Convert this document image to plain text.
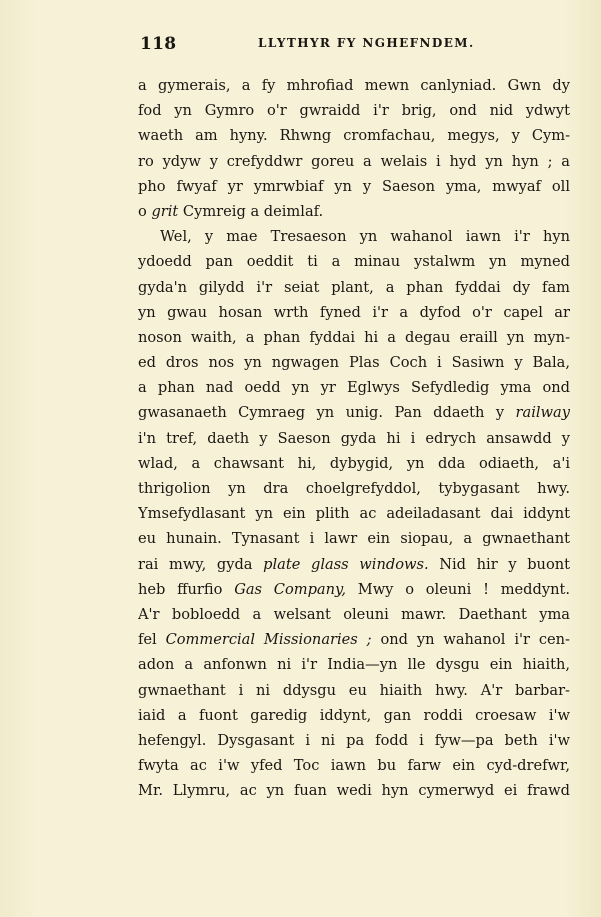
118	LLYTHYR FY NGHEFNDEM.
a gymerais, a fy mhrofiad mewn canlyniad. Gwn dy
fod yn Gymro o'r gwraidd i'r brig, ond nid ydwyt
waeth am hyny. Rhwng cromfachau, megys, y Cym-
ro ydyw y crefyddwr goreu a welais i hyd yn hyn ; a
pho fwyaf yr ymrwbiaf yn y Saeson yma, mwyaf oll
o grit Cymreig a deimlaf.
Wel, y mae Tresaeson yn wahanol iawn i'r hyn
ydoedd pan oeddit ti a minau ystalwm yn myned
gyda'n gilydd i'r seiat plant, a phan fyddai dy fam
yn gwau hosan wrth fyned i'r a dyfod o'r capel ar
noson waith, a phan fyddai hi a degau eraill yn myn-
ed dros nos yn ngwagen Plas Coch i Sasiwn y Bala,
a phan nad oedd yn yr Eglwys Sefydledig yma ond
gwasanaeth Cymraeg yn unig. Pan ddaeth y railway
i'n tref, daeth y Saeson gyda hi i edrych ansawdd y
wlad, a chawsant hi, dybygid, yn dda odiaeth, a'i
thrigolion yn dra choelgrefyddol, tybygasant hwy.
Ymsefydlasant yn ein plith ac adeiladasant dai iddynt
eu hunain. Tynasant i lawr ein siopau, a gwnaethant
rai mwy, gyda plate glass windows. Nid hir y buont
heb ffurfio Gas Company, Mwy o oleuni ! meddynt.
A'r bobloedd a welsant oleuni mawr. Daethant yma
fel Commercial Missionaries ; ond yn wahanol i'r cen-
adon a anfonwn ni i'r India—yn lle dysgu ein hiaith,
gwnaethant i ni ddysgu eu hiaith hwy. A'r barbar-
iaid a fuont garedig iddynt, gan roddi croesaw i'w
hefengyl. Dysgasant i ni pa fodd i fyw—pa beth i'w
fwyta ac i'w yfed Toc iawn bu farw ein cyd-drefwr,
Mr. Llymru, ac yn fuan wedi hyn cymerwyd ei frawd
